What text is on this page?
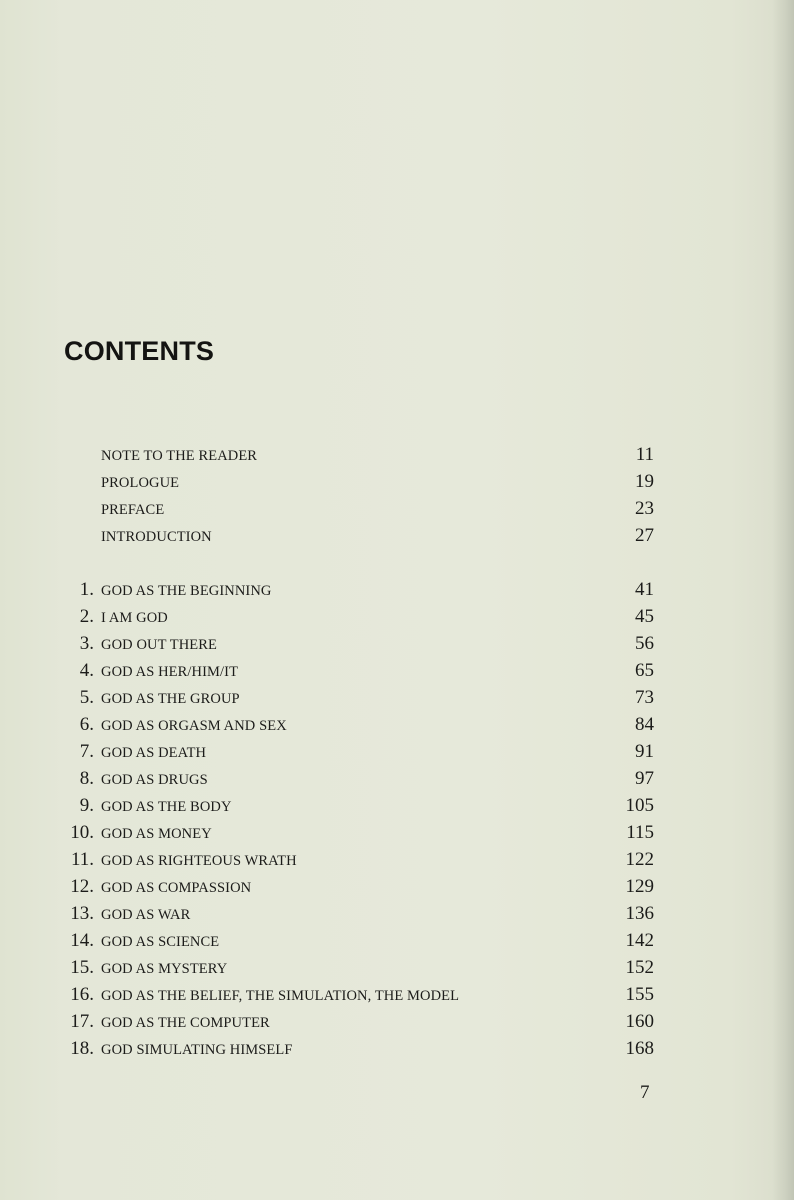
CONTENTS
NOTE TO THE READER	11
PROLOGUE	19
PREFACE	23
INTRODUCTION	27
1. GOD AS THE BEGINNING	41
2. I AM GOD	45
3. GOD OUT THERE	56
4. GOD AS HER/HIM/IT	65
5. GOD AS THE GROUP	73
6. GOD AS ORGASM AND SEX	84
7. GOD AS DEATH	91
8. GOD AS DRUGS	97
9. GOD AS THE BODY	105
10. GOD AS MONEY	115
11. GOD AS RIGHTEOUS WRATH	122
12. GOD AS COMPASSION	129
13. GOD AS WAR	136
14. GOD AS SCIENCE	142
15. GOD AS MYSTERY	152
16. GOD AS THE BELIEF, THE SIMULATION, THE MODEL	155
17. GOD AS THE COMPUTER	160
18. GOD SIMULATING HIMSELF	168
7
